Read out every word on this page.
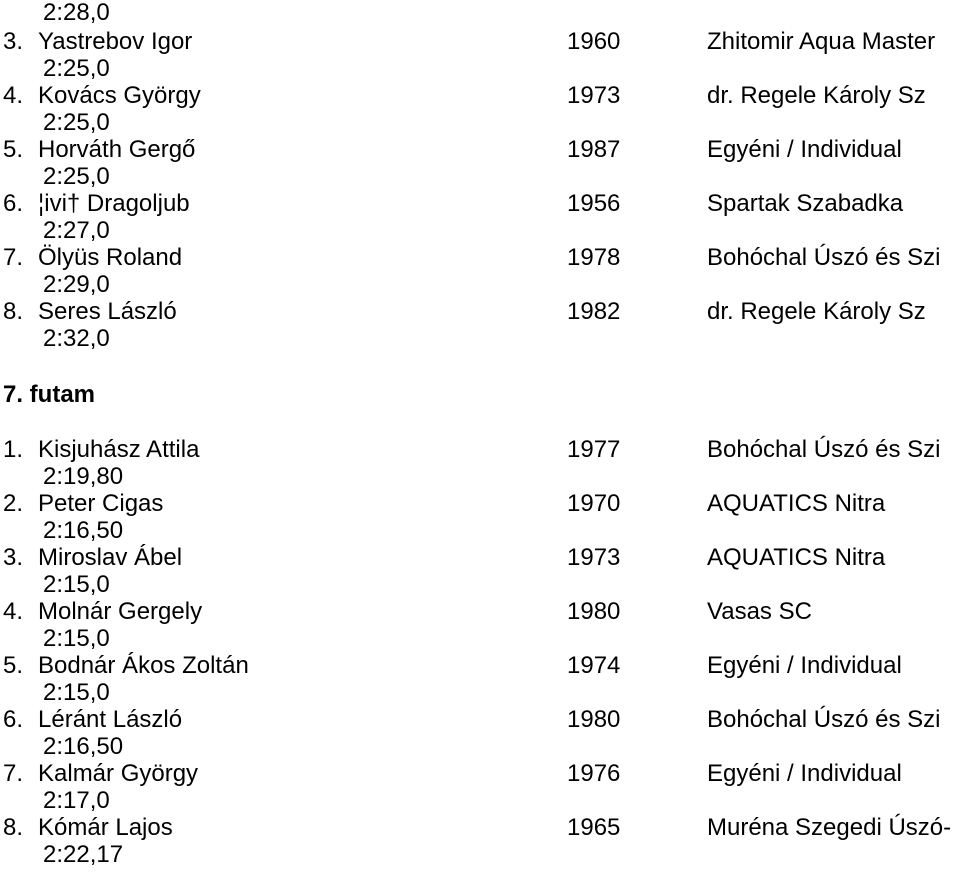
2:28,0
3. Yastrebov Igor	1960	Zhitomir Aqua Master
2:25,0
4. Kovács György	1973	dr. Regele Károly Sz
2:25,0
5. Horváth Gergő	1987	Egyéni / Individual
2:25,0
6. ¦ivi† Dragoljub	1956	Spartak Szabadka
2:27,0
7. Ölyüs Roland	1978	Bohóchal Úszó és Szi
2:29,0
8. Seres László	1982	dr. Regele Károly Sz
2:32,0
7. futam
1. Kisjuhász Attila	1977	Bohóchal Úszó és Szi
2:19,80
2. Peter Cigas	1970	AQUATICS Nitra
2:16,50
3. Miroslav Ábel	1973	AQUATICS Nitra
2:15,0
4. Molnár Gergely	1980	Vasas SC
2:15,0
5. Bodnár Ákos Zoltán	1974	Egyéni / Individual
2:15,0
6. Léránt László	1980	Bohóchal Úszó és Szi
2:16,50
7. Kalmár György	1976	Egyéni / Individual
2:17,0
8. Kómár Lajos	1965	Muréna Szegedi Úszó-
2:22,17
